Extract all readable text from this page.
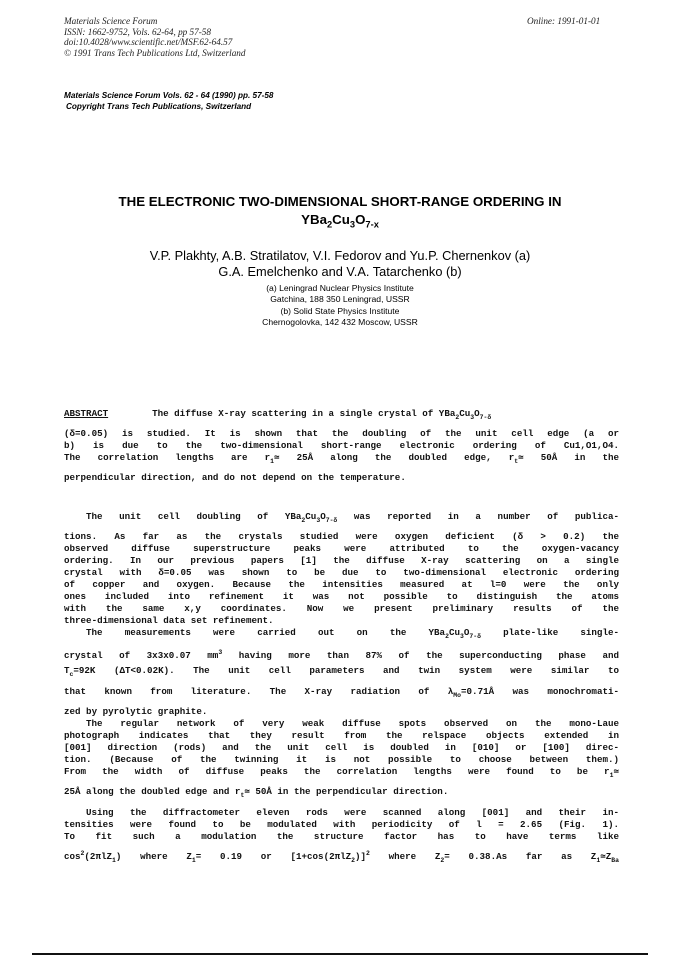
Materials Science Forum
ISSN: 1662-9752, Vols. 62-64, pp 57-58
doi:10.4028/www.scientific.net/MSF.62-64.57
© 1991 Trans Tech Publications Ltd, Switzerland
Online: 1991-01-01
Materials Science Forum Vols. 62 - 64 (1990) pp. 57-58
Copyright Trans Tech Publications, Switzerland
THE ELECTRONIC TWO-DIMENSIONAL SHORT-RANGE ORDERING IN
$YBa_2Cu_3O_{7-x}$
V.P. Plakhty, A.B. Stratilatov, V.I. Fedorov and Yu.P. Chernenkov (a)
G.A. Emelchenko and V.A. Tatarchenko (b)
(a) Leningrad Nuclear Physics Institute
Gatchina, 188 350 Leningrad, USSR
(b) Solid State Physics Institute
Chernogolovka, 142 432 Moscow, USSR

ABSTRACT	The diffuse X-ray scattering in a single crystal of $YBa_2Cu_3O_{7-\delta}$

(δ=0.05) is studied. It is shown that the doubling of the unit cell edge (a or

b) is due to the two-dimensional short-range electronic ordering of Cu1,O1,O4.

The correlation lengths are $r_1≃$ 25Å along the doubled edge, $r_t≃$ 50Å in the

perpendicular direction, and do not depend on the temperature.

The unit cell doubling of $YBa_2Cu_3O_{7-\delta}$ was reported in a number of publica-

tions. As far as the crystals studied were oxygen deficient (δ > 0.2) the

observed diffuse superstructure peaks were attributed to the oxygen-vacancy

ordering. In our previous papers [1] the diffuse X-ray scattering on a single

crystal with δ=0.05 was shown to be due to two-dimensional electronic ordering

of copper and oxygen. Because the intensities measured at l=0 were the only

ones included into refinement it was not possible to distinguish the atoms

with the same x,y coordinates. Now we present preliminary results of the

three-dimensional data set refinement.

The measurements were carried out on the $YBa_2Cu_3O_{7-\delta}$ plate-like single-

crystal of 3x3x0.07 $mm^3$ having more than 87% of the superconducting phase and

$T_c=92K$ (ΔT<0.02K). The unit cell parameters and twin system were similar to

that known from literature. The X-ray radiation of $\lambda_{Mo}=0.71Å$ was monochromati-

zed by pyrolytic graphite.

The regular network of very weak diffuse spots observed on the mono-Laue

photograph indicates that they result from the relspace objects extended in

[001] direction (rods) and the unit cell is doubled in [010] or [100] direc-

tion. (Because of the twinning it is not possible to choose between them.)

From the width of diffuse peaks the correlation lengths were found to be $r_1≃$

25Å along the doubled edge and $r_t≃$ 50Å in the perpendicular direction.

Using the diffractometer eleven rods were scanned along [001] and their in-

tensities were found to be modulated with periodicity of l = 2.65 (Fig. 1).

To fit such a modulation the structure factor has to have terms like

$\cos^2(2\pi lZ_1)$ where $Z_1= 0.19$ or $[1+\cos(2\pi lZ_2)]^2$ where $Z_2= 0.38.As$ far as $Z_1≃Z_{Ba}$
